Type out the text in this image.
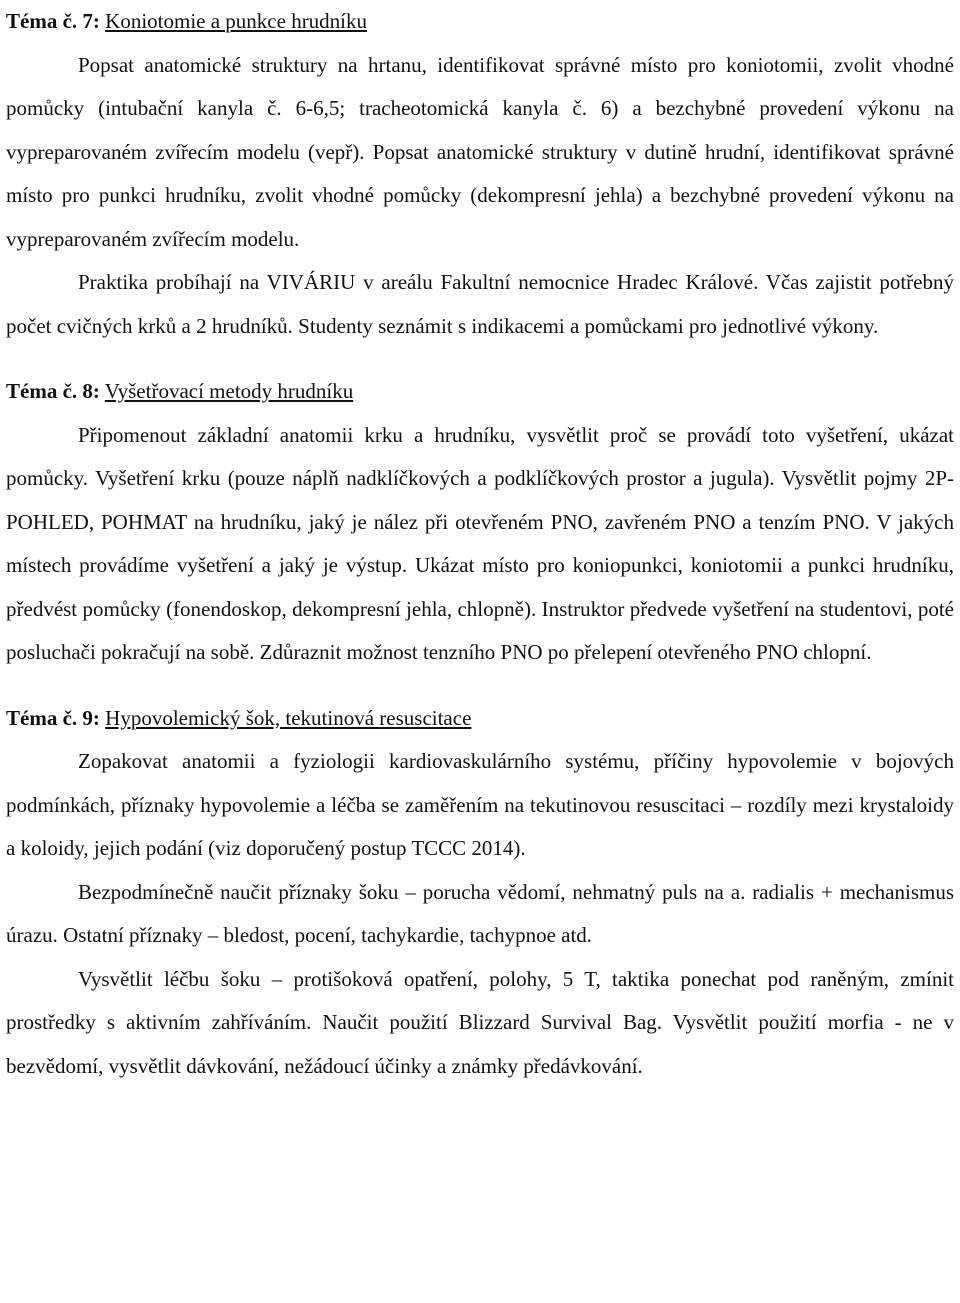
Téma č. 7: Koniotomie a punkce hrudníku

Popsat anatomické struktury na hrtanu, identifikovat správné místo pro koniotomii, zvolit vhodné pomůcky (intubační kanyla č. 6-6,5; tracheotomická kanyla č. 6) a bezchybné provedení výkonu na vypreparovaném zvířecím modelu (vepř). Popsat anatomické struktury v dutině hrudní, identifikovat správné místo pro punkci hrudníku, zvolit vhodné pomůcky (dekompresní jehla) a bezchybné provedení výkonu na vypreparovaném zvířecím modelu.

Praktika probíhají na VIVÁRIU v areálu Fakultní nemocnice Hradec Králové. Včas zajistit potřebný počet cvičných krků a 2 hrudníků. Studenty seznámit s indikacemi a pomůckami pro jednotlivé výkony.

Téma č. 8: Vyšetřovací metody hrudníku

Připomenout základní anatomii krku a hrudníku, vysvětlit proč se provádí toto vyšetření, ukázat pomůcky. Vyšetření krku (pouze náplň nadklíčkových a podklíčkových prostor a jugula). Vysvětlit pojmy 2P-POHLED, POHMAT na hrudníku, jaký je nález při otevřeném PNO, zavřeném PNO a tenzím PNO. V jakých místech provádíme vyšetření a jaký je výstup. Ukázat místo pro koniopunkci, koniotomii a punkci hrudníku, předvést pomůcky (fonendoskop, dekompresní jehla, chlopně). Instruktor předvede vyšetření na studentovi, poté posluchači pokračují na sobě. Zdůraznit možnost tenzního PNO po přelepení otevřeného PNO chlopní.

Téma č. 9: Hypovolemický šok, tekutinová resuscitace

Zopakovat anatomii a fyziologii kardiovaskulárního systému, příčiny hypovolemie v bojových podmínkách, příznaky hypovolemie a léčba se zaměřením na tekutinovou resuscitaci – rozdíly mezi krystaloidy a koloidy, jejich podání (viz doporučený postup TCCC 2014).

Bezpodmínečně naučit příznaky šoku – porucha vědomí, nehmatný puls na a. radialis + mechanismus úrazu. Ostatní příznaky – bledost, pocení, tachykardie, tachypnoe atd.

Vysvětlit léčbu šoku – protišoková opatření, polohy, 5 T, taktika ponechat pod raněným, zmínit prostředky s aktivním zahříváním. Naučit použití Blizzard Survival Bag. Vysvětlit použití morfia - ne v bezvědomí, vysvětlit dávkování, nežádoucí účinky a známky předávkování.
